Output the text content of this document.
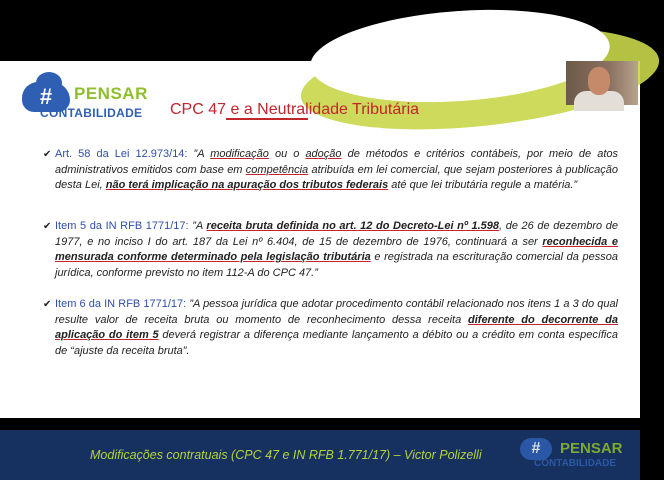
#	PENSAR
CONTABILIDADE CPC 47 e a Neutralidade Tributária
✔ Art. 58 da Lei 12.973/14: ”A modificação ou o adoção de métodos e critérios contábeis, por meio de atos administrativos emitidos com base em competência atribuída em lei comercial, que sejam posteriores à publicação desta Lei, não terá implicação na apuração dos tributos federais até que lei tributária regule a matéria.”
✔ Item 5 da IN RFB 1771/17: ”A receita bruta definida no art. 12 do Decreto-Lei nº 1.598, de 26 de dezembro de 1977, e no inciso I do art. 187 da Lei nº 6.404, de 15 de dezembro de 1976, continuará a ser reconhecida e mensurada conforme determinado pela legislação tributária e registrada na escrituração comercial da pessoa jurídica, conforme previsto no item 112-A do CPC 47.”
✔ Item 6 da IN RFB 1771/17: ”A pessoa jurídica que adotar procedimento contábil relacionado nos itens 1 a 3 do qual resulte valor de receita bruta ou momento de reconhecimento dessa receita diferente do decorrente da aplicação do item 5 deverá registrar a diferença mediante lançamento a débito ou a crédito em conta específica de “ajuste da receita bruta”.
Modificações contratuais (CPC 47 e IN RFB 1.771/17) – Victor Polizelli	#	PENSAR
CONTABILIDADE
